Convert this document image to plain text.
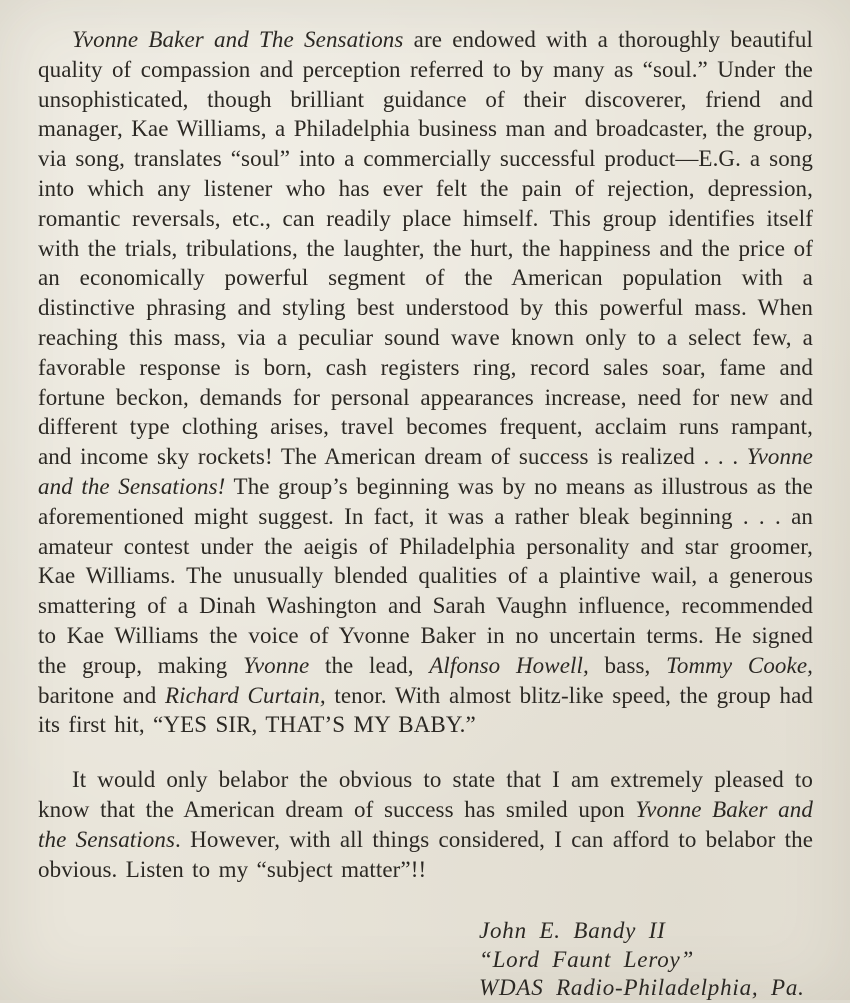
Yvonne Baker and The Sensations are endowed with a thoroughly beautiful quality of compassion and perception referred to by many as “soul.” Under the unsophisticated, though brilliant guidance of their discoverer, friend and manager, Kae Williams, a Philadelphia business man and broadcaster, the group, via song, translates “soul” into a commercially successful product—E.G. a song into which any listener who has ever felt the pain of rejection, depression, romantic reversals, etc., can readily place himself. This group identifies itself with the trials, tribulations, the laughter, the hurt, the happiness and the price of an economically powerful segment of the American population with a distinctive phrasing and styling best understood by this powerful mass. When reaching this mass, via a peculiar sound wave known only to a select few, a favorable response is born, cash registers ring, record sales soar, fame and fortune beckon, demands for personal appearances increase, need for new and different type clothing arises, travel becomes frequent, acclaim runs rampant, and income sky rockets! The American dream of success is realized . . . Yvonne and the Sensations! The group’s beginning was by no means as illustrous as the aforementioned might suggest. In fact, it was a rather bleak beginning . . . an amateur contest under the aeigis of Philadelphia personality and star groomer, Kae Williams. The unusually blended qualities of a plaintive wail, a generous smattering of a Dinah Washington and Sarah Vaughn influence, recommended to Kae Williams the voice of Yvonne Baker in no uncertain terms. He signed the group, making Yvonne the lead, Alfonso Howell, bass, Tommy Cooke, baritone and Richard Curtain, tenor. With almost blitz-like speed, the group had its first hit, “YES SIR, THAT’S MY BABY.”

It would only belabor the obvious to state that I am extremely pleased to know that the American dream of success has smiled upon Yvonne Baker and the Sensations. However, with all things considered, I can afford to belabor the obvious. Listen to my “subject matter”!!

John E. Bandy II
“Lord Faunt Leroy”
WDAS Radio-Philadelphia, Pa.
